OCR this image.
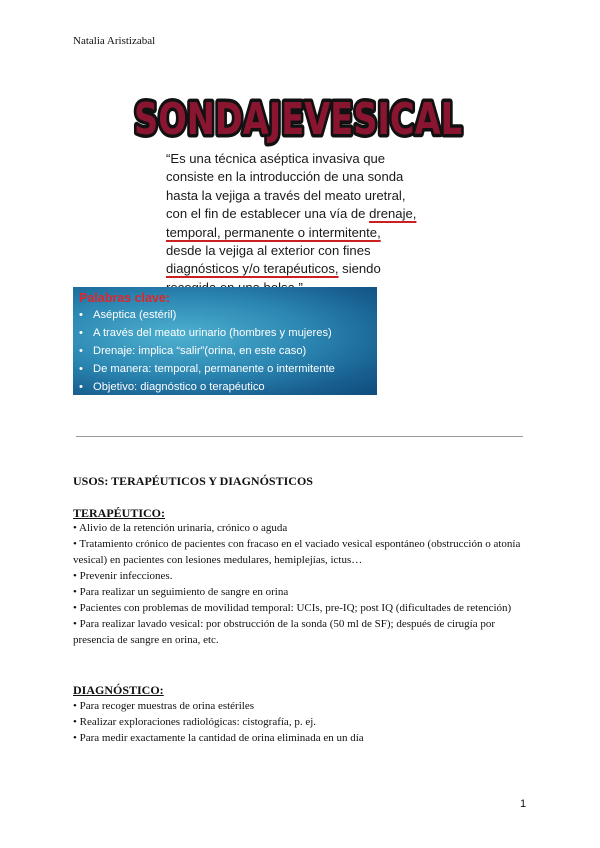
Natalia Aristizabal
SONDAJEVESICAL
“Es una técnica aséptica invasiva que
consiste en la introducción de una sonda
hasta la vejiga a través del meato uretral,
con el fin de establecer una vía de drenaje,
temporal, permanente o intermitente,
desde la vejiga al exterior con fines
diagnósticos y/o terapéuticos, siendo
Palabras clave:
• Aséptica (estéril)
• A través del meato urinario (hombres y mujeres)
• Drenaje: implica “salir”(orina, en este caso)
• De manera: temporal, permanente o intermitente
• Objetivo: diagnóstico o terapéutico
USOS: TERAPÉUTICOS Y DIAGNÓSTICOS
TERAPÉUTICO:
• Alivio de la retención urinaria, crónico o aguda
• Tratamiento crónico de pacientes con fracaso en el vaciado vesical espontáneo (obstrucción o atonía vesical) en pacientes con lesiones medulares, hemiplejías, ictus…
• Prevenir infecciones.
• Para realizar un seguimiento de sangre en orina
• Pacientes con problemas de movilidad temporal: UCIs, pre-IQ; post IQ (dificultades de retención)
• Para realizar lavado vesical: por obstrucción de la sonda (50 ml de SF); después de cirugía por presencia de sangre en orina, etc.
DIAGNÓSTICO:
• Para recoger muestras de orina estériles
• Realizar exploraciones radiológicas: cistografía, p. ej.
• Para medir exactamente la cantidad de orina eliminada en un día
1
